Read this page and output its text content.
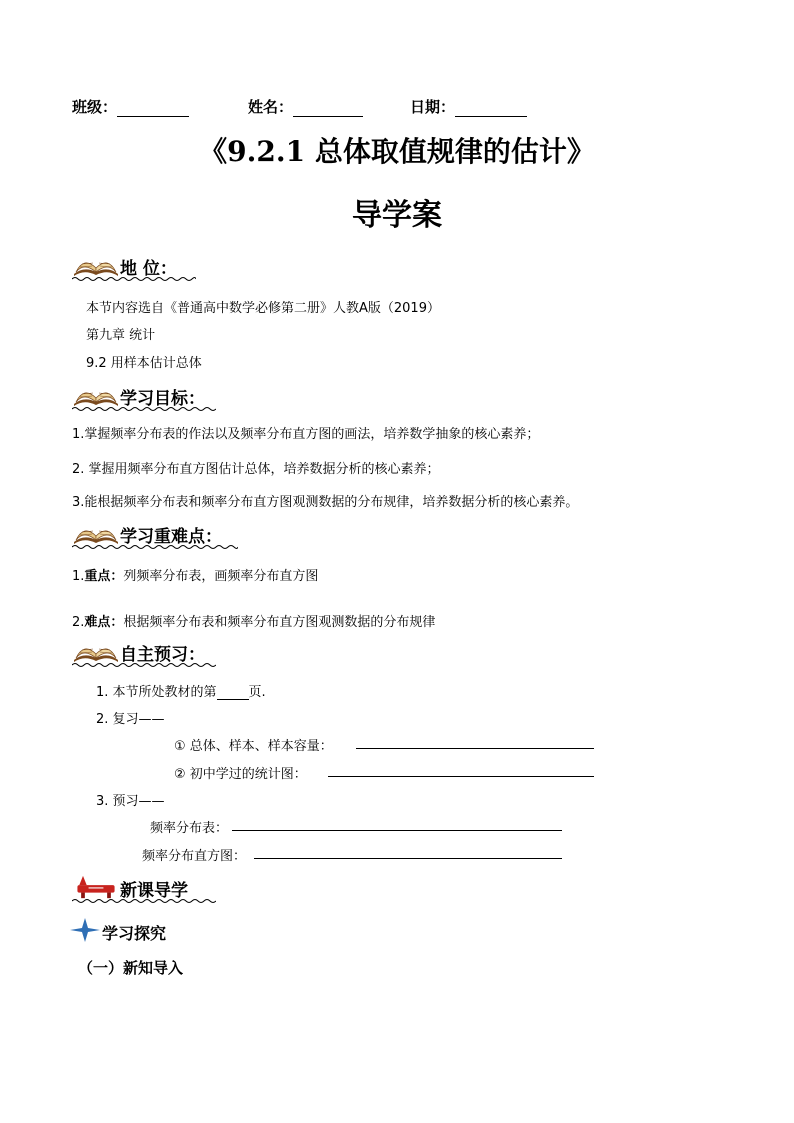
班级：	姓名：	日期：
《9.2.1 总体取值规律的估计》
导学案
地 位：
本节内容选自《普通高中数学必修第二册》人教A版（2019）
第九章 统计
9.2 用样本估计总体
学习目标：
1.掌握频率分布表的作法以及频率分布直方图的画法，培养数学抽象的核心素养；
2. 掌握用频率分布直方图估计总体，培养数据分析的核心素养；
3.能根据频率分布表和频率分布直方图观测数据的分布规律，培养数据分析的核心素养。
学习重难点：
1.重点：列频率分布表，画频率分布直方图
2.难点：根据频率分布表和频率分布直方图观测数据的分布规律
自主预习：
1. 本节所处教材的第 页.
2. 复习——
① 总体、样本、样本容量：
② 初中学过的统计图：
3. 预习——
频率分布表：
频率分布直方图：
新课导学
学习探究
（一）新知导入
